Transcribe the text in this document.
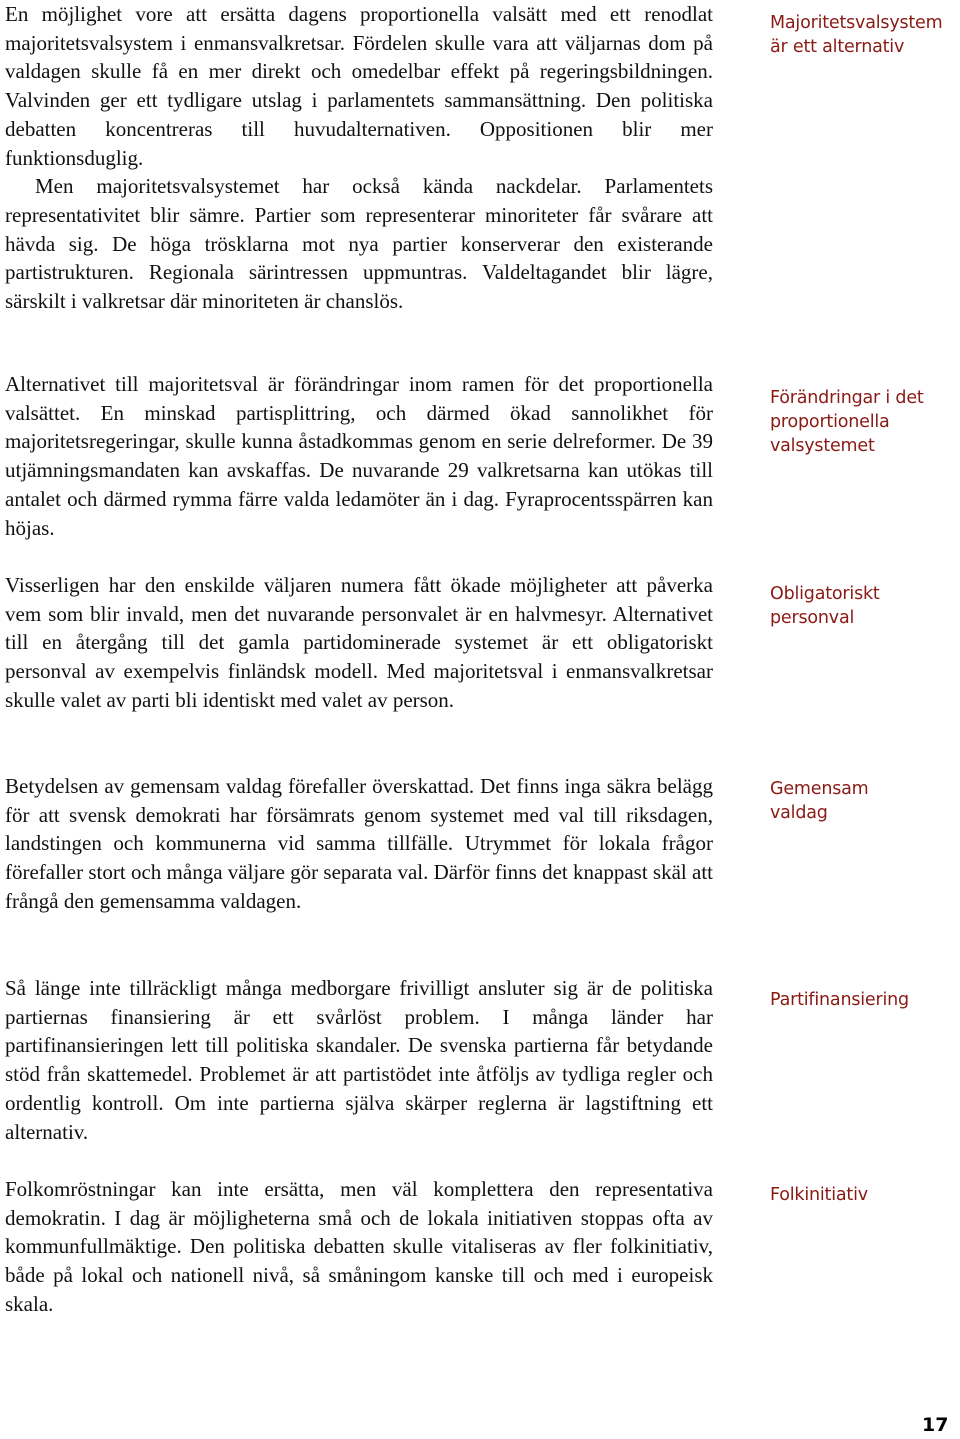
En möjlighet vore att ersätta dagens proportionella valsätt med ett renodlat majoritetsvalsystem i enmansvalkretsar. Fördelen skulle vara att väljarnas dom på valdagen skulle få en mer direkt och omedelbar effekt på regeringsbildningen. Valvinden ger ett tydligare utslag i parlamentets sammansättning. Den politiska debatten koncentreras till huvudalternativen. Oppositionen blir mer funktionsduglig.

Men majoritetsvalsystemet har också kända nackdelar. Parlamentets representativitet blir sämre. Partier som representerar minoriteter får svårare att hävda sig. De höga trösklarna mot nya partier konserverar den existerande partistrukturen. Regionala särintressen uppmuntras. Valdeltagandet blir lägre, särskilt i valkretsar där minoriteten är chanslös.

Alternativet till majoritetsval är förändringar inom ramen för det proportionella valsättet. En minskad partisplittring, och därmed ökad sannolikhet för majoritetsregeringar, skulle kunna åstadkommas genom en serie delreformer. De 39 utjämningsmandaten kan avskaffas. De nuvarande 29 valkretsarna kan utökas till antalet och därmed rymma färre valda ledamöter än i dag. Fyraprocentsspärren kan höjas.

Visserligen har den enskilde väljaren numera fått ökade möjligheter att påverka vem som blir invald, men det nuvarande personvalet är en halvmesyr. Alternativet till en återgång till det gamla partidominerade systemet är ett obligatoriskt personval av exempelvis finländsk modell. Med majoritetsval i enmansvalkretsar skulle valet av parti bli identiskt med valet av person.

Betydelsen av gemensam valdag förefaller överskattad. Det finns inga säkra belägg för att svensk demokrati har försämrats genom systemet med val till riksdagen, landstingen och kommunerna vid samma tillfälle. Utrymmet för lokala frågor förefaller stort och många väljare gör separata val. Därför finns det knappast skäl att frångå den gemensamma valdagen.

Så länge inte tillräckligt många medborgare frivilligt ansluter sig är de politiska partiernas finansiering är ett svårlöst problem. I många länder har partifinansieringen lett till politiska skandaler. De svenska partierna får betydande stöd från skattemedel. Problemet är att partistödet inte åtföljs av tydliga regler och ordentlig kontroll. Om inte partierna själva skärper reglerna är lagstiftning ett alternativ.

Folkomröstningar kan inte ersätta, men väl komplettera den representativa demokratin. I dag är möjligheterna små och de lokala initiativen stoppas ofta av kommunfullmäktige. Den politiska debatten skulle vitaliseras av fler folkinitiativ, både på lokal och nationell nivå, så småningom kanske till och med i europeisk skala.

Majoritetsvalsystem
är ett alternativ
Förändringar i det
proportionella
valsystemet
Obligatoriskt
personval
Gemensam
valdag
Partifinansiering
Folkinitiativ
17
